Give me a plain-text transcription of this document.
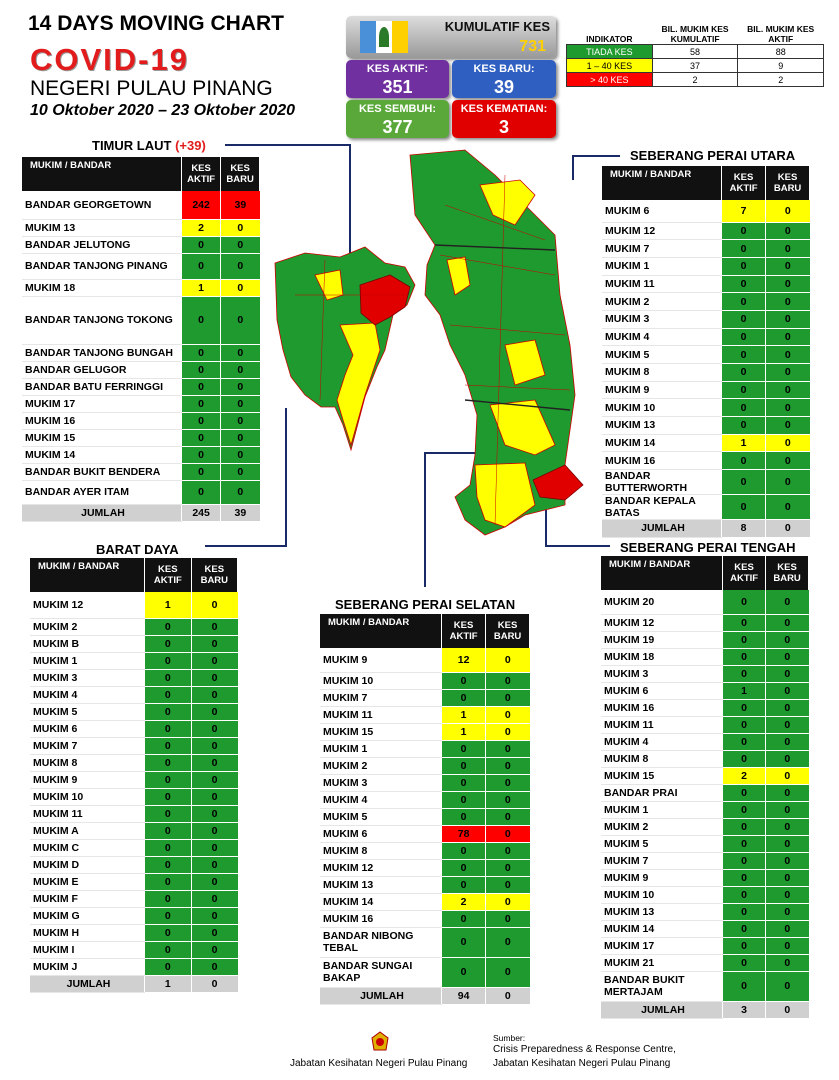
14 DAYS MOVING CHART
COVID-19
NEGERI PULAU PINANG
10 Oktober 2020 – 23 Oktober 2020
KUMULATIF KES
731
KES AKTIF:
351
KES BARU:
39
KES SEMBUH:
377
KES KEMATIAN:
3
INDIKATOR	BIL. MUKIM KES KUMULATIF	BIL. MUKIM KES AKTIF
TIADA KES	58	88
1 – 40 KES	37	9
> 40 KES	2	2
TIMUR LAUT (+39)
SEBERANG PERAI UTARA
BARAT DAYA	SEBERANG PERAI TENGAH
SEBERANG PERAI SELATAN
MUKIM / BANDAR	KES AKTIF	KES BARU
BANDAR GEORGETOWN	242	39
MUKIM 13	2	0
BANDAR JELUTONG	0	0
BANDAR TANJONG PINANG	0	0
MUKIM 18	1	0
BANDAR TANJONG TOKONG	0	0
BANDAR TANJONG BUNGAH	0	0
BANDAR GELUGOR	0	0
BANDAR BATU FERRINGGI	0	0
MUKIM 17	0	0
MUKIM 16	0	0
MUKIM 15	0	0
MUKIM 14	0	0
BANDAR BUKIT BENDERA	0	0
BANDAR AYER ITAM	0	0
JUMLAH	245	39
MUKIM / BANDAR	KES AKTIF	KES BARU
MUKIM 12	1	0
MUKIM 2	0	0
MUKIM B	0	0
MUKIM 1	0	0
MUKIM 3	0	0
MUKIM 4	0	0
MUKIM 5	0	0
MUKIM 6	0	0
MUKIM 7	0	0
MUKIM 8	0	0
MUKIM 9	0	0
MUKIM 10	0	0
MUKIM 11	0	0
MUKIM A	0	0
MUKIM C	0	0
MUKIM D	0	0
MUKIM E	0	0
MUKIM F	0	0
MUKIM G	0	0
MUKIM H	0	0
MUKIM I	0	0
MUKIM J	0	0
JUMLAH	1	0
MUKIM / BANDAR	KES AKTIF	KES BARU
MUKIM 6	7	0
MUKIM 12	0	0
MUKIM 7	0	0
MUKIM 1	0	0
MUKIM 11	0	0
MUKIM 2	0	0
MUKIM 3	0	0
MUKIM 4	0	0
MUKIM 5	0	0
MUKIM 8	0	0
MUKIM 9	0	0
MUKIM 10	0	0
MUKIM 13	0	0
MUKIM 14	1	0
MUKIM 16	0	0
BANDAR BUTTERWORTH	0	0
BANDAR KEPALA BATAS	0	0
JUMLAH	8	0
MUKIM / BANDAR	KES AKTIF	KES BARU
MUKIM 9	12	0
MUKIM 10	0	0
MUKIM 7	0	0
MUKIM 11	1	0
MUKIM 15	1	0
MUKIM 1	0	0
MUKIM 2	0	0
MUKIM 3	0	0
MUKIM 4	0	0
MUKIM 5	0	0
MUKIM 6	78	0
MUKIM 8	0	0
MUKIM 12	0	0
MUKIM 13	0	0
MUKIM 14	2	0
MUKIM 16	0	0
BANDAR NIBONG TEBAL	0	0
BANDAR SUNGAI BAKAP	0	0
JUMLAH	94	0
MUKIM / BANDAR	KES AKTIF	KES BARU
MUKIM 20	0	0
MUKIM 12	0	0
MUKIM 19	0	0
MUKIM 18	0	0
MUKIM 3	0	0
MUKIM 6	1	0
MUKIM 16	0	0
MUKIM 11	0	0
MUKIM 4	0	0
MUKIM 8	0	0
MUKIM 15	2	0
BANDAR PRAI	0	0
MUKIM 1	0	0
MUKIM 2	0	0
MUKIM 5	0	0
MUKIM 7	0	0
MUKIM 9	0	0
MUKIM 10	0	0
MUKIM 13	0	0
MUKIM 14	0	0
MUKIM 17	0	0
MUKIM 21	0	0
BANDAR BUKIT MERTAJAM	0	0
JUMLAH	3	0
Jabatan Kesihatan Negeri Pulau Pinang
Sumber:
Crisis Preparedness & Response Centre,
Jabatan Kesihatan Negeri Pulau Pinang
